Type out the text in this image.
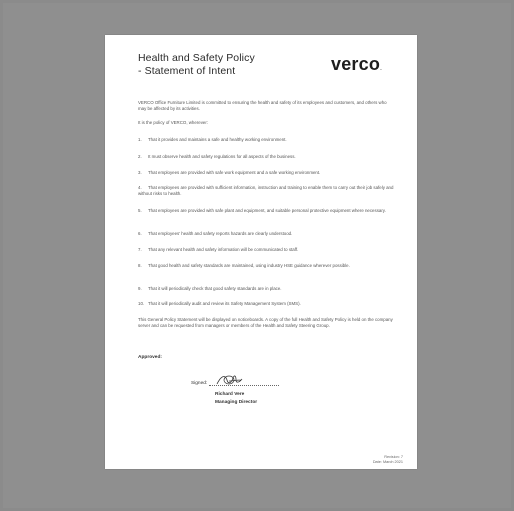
Health and Safety Policy
- Statement of Intent	verco.
VERCO Office Furniture Limited is committed to ensuring the health and safety of its employees and customers, and others who may be affected by its activities.
It is the policy of VERCO, wherever:
1. That it provides and maintains a safe and healthy working environment.
2. It must observe health and safety regulations for all aspects of the business.
3. That employees are provided with safe work equipment and a safe working environment.
4. That employees are provided with sufficient information, instruction and training to enable them to carry out their job safely and without risks to health.
5. That employees are provided with safe plant and equipment, and suitable personal protective equipment where necessary.
6. That employees' health and safety reports hazards are clearly understood.
7. That any relevant health and safety information will be communicated to staff.
8. That good health and safety standards are maintained, using industry HSE guidance wherever possible.
9. That it will periodically check that good safety standards are in place.
10. That it will periodically audit and review its Safety Management System (SMS).
This General Policy Statement will be displayed on noticeboards. A copy of the full Health and Safety Policy is held on the company server and can be requested from managers or members of the Health and Safety Steering Group.
Approved:
Signed:
Richard Vere
Managing Director
Revision: 7
Date: March 2021
